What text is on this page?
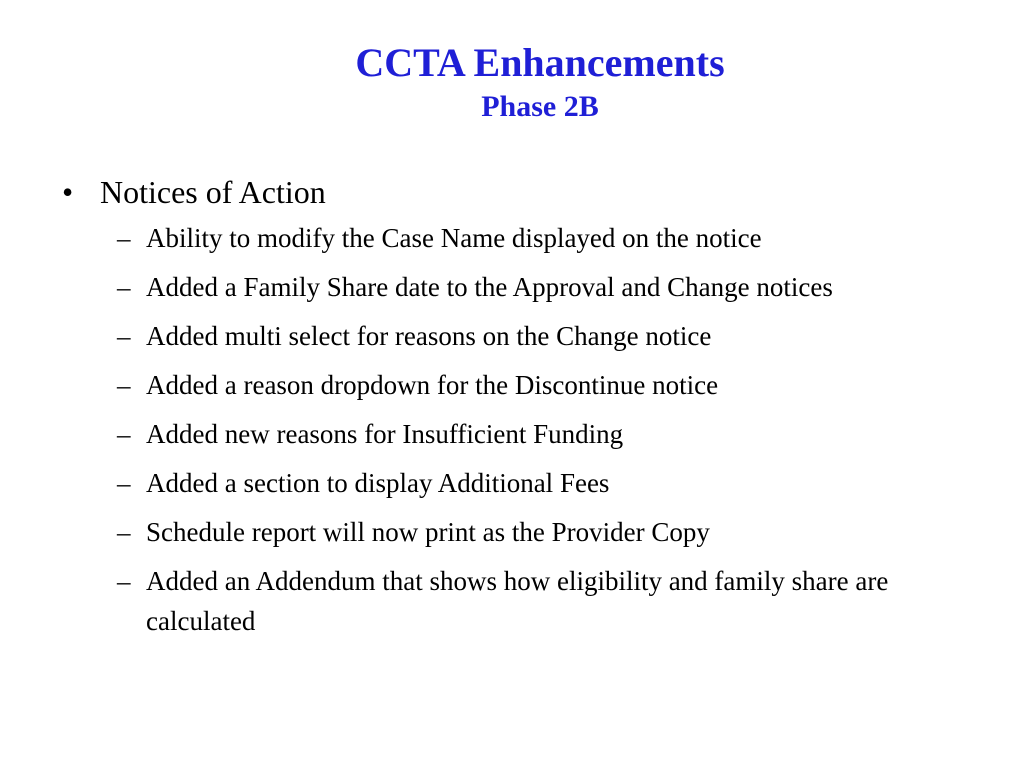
CCTA Enhancements
Phase 2B
• Notices of Action
– Ability to modify the Case Name displayed on the notice
– Added a Family Share date to the Approval and Change notices
– Added multi select for reasons on the Change notice
– Added a reason dropdown for the Discontinue notice
– Added new reasons for Insufficient Funding
– Added a section to display Additional Fees
– Schedule report will now print as the Provider Copy
– Added an Addendum that shows how eligibility and family share are calculated
